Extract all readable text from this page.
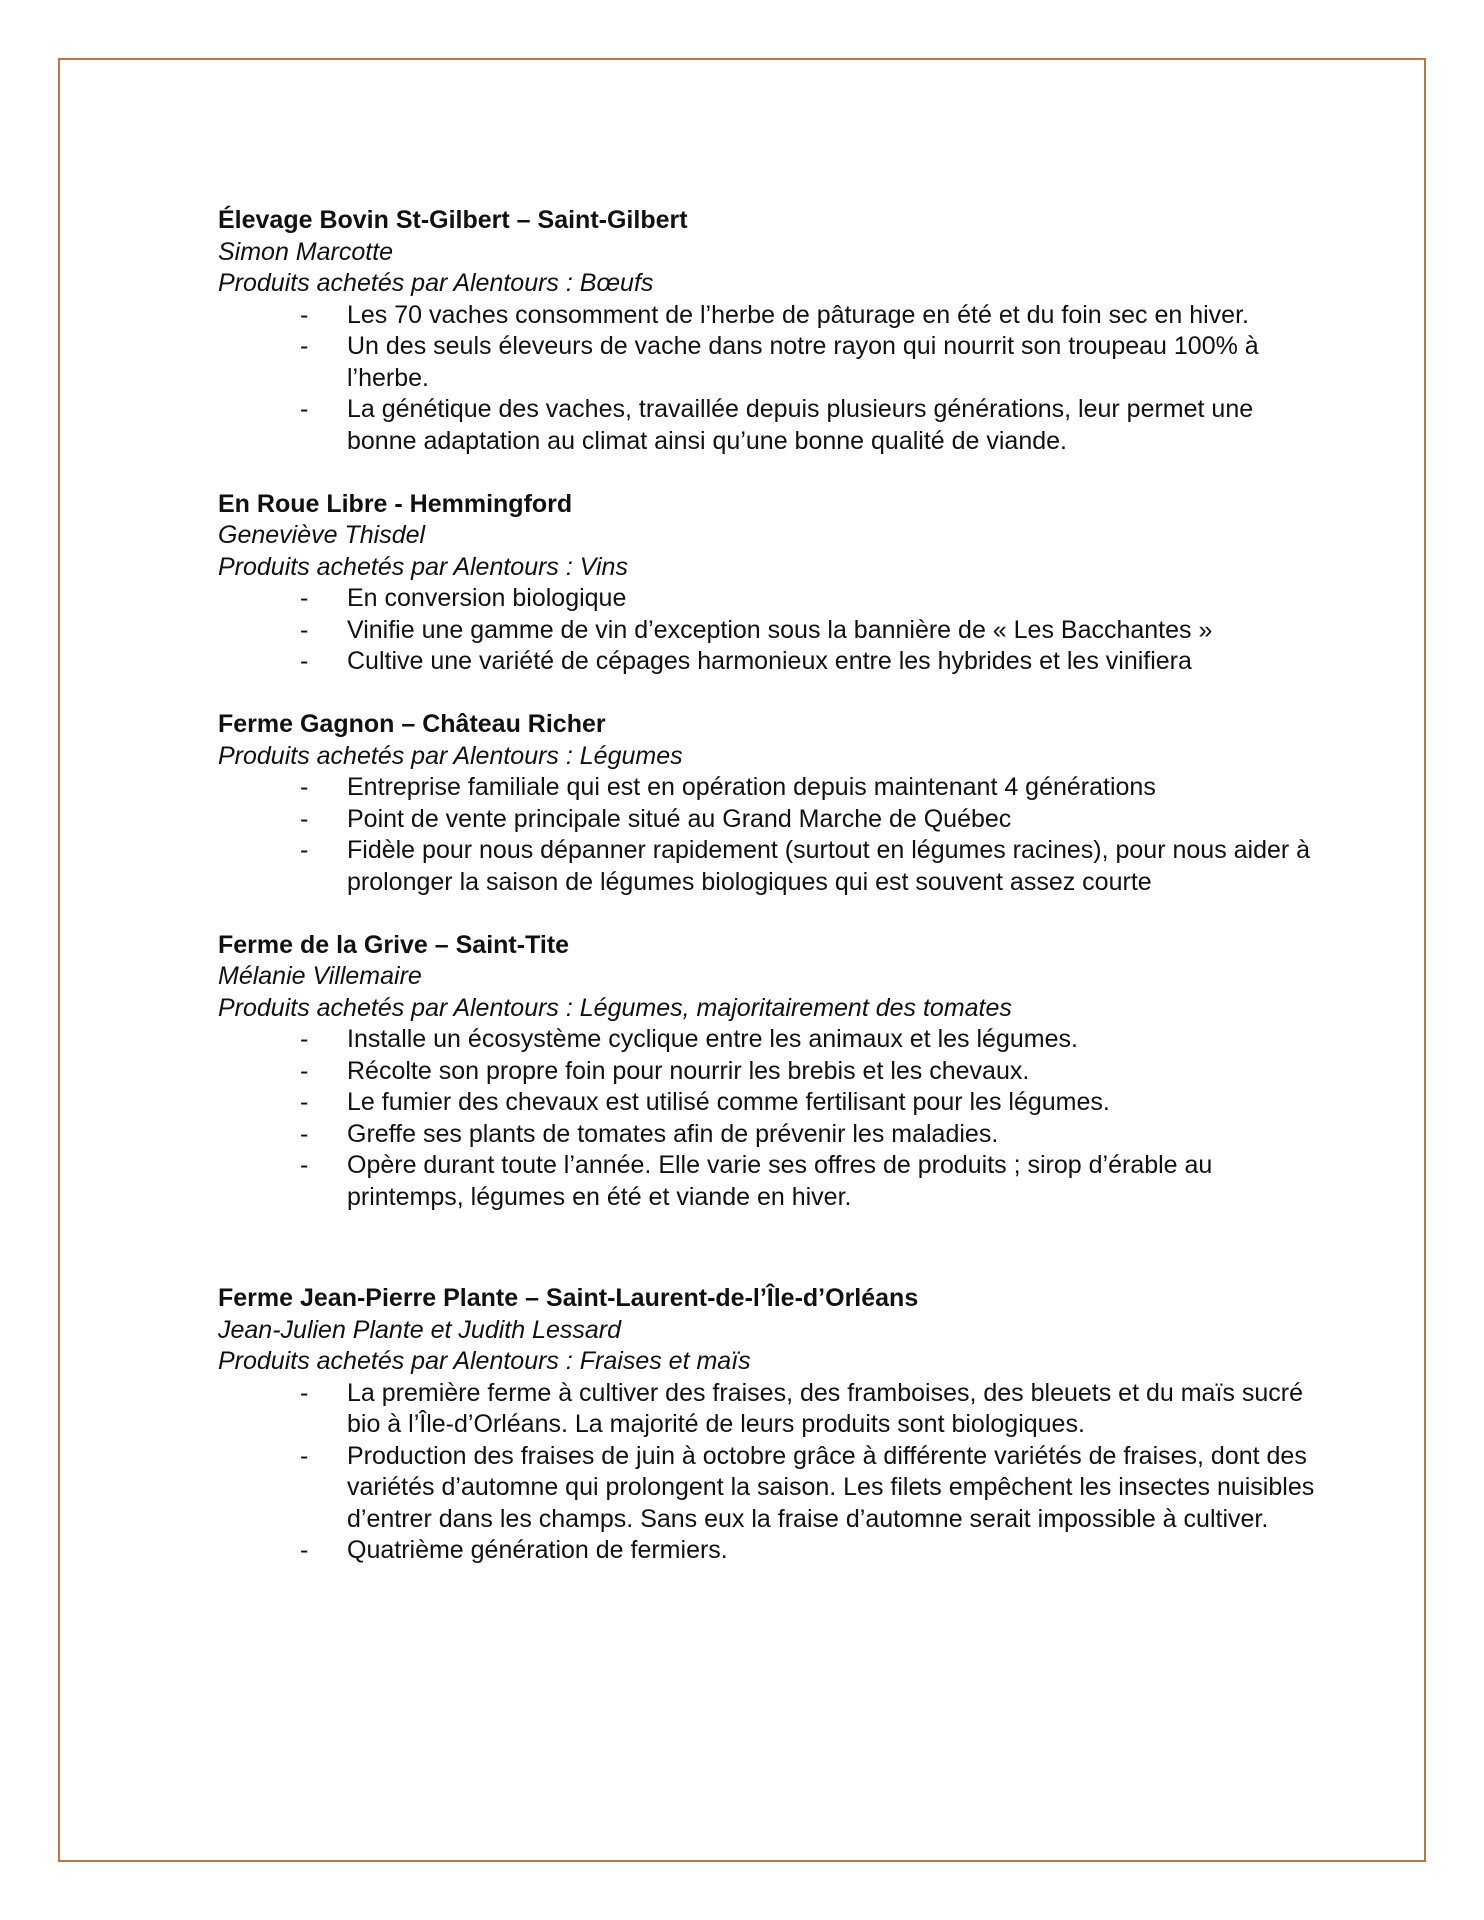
Élevage Bovin St-Gilbert – Saint-Gilbert

Simon Marcotte

Produits achetés par Alentours : Bœufs

- Les 70 vaches consomment de l’herbe de pâturage en été et du foin sec en hiver.
- Un des seuls éleveurs de vache dans notre rayon qui nourrit son troupeau 100% à l’herbe.
- La génétique des vaches, travaillée depuis plusieurs générations, leur permet une bonne adaptation au climat ainsi qu’une bonne qualité de viande.

En Roue Libre - Hemmingford

Geneviève Thisdel

Produits achetés par Alentours : Vins

- En conversion biologique
- Vinifie une gamme de vin d’exception sous la bannière de « Les Bacchantes »
- Cultive une variété de cépages harmonieux entre les hybrides et les vinifiera

Ferme Gagnon – Château Richer

Produits achetés par Alentours : Légumes

- Entreprise familiale qui est en opération depuis maintenant 4 générations
- Point de vente principale situé au Grand Marche de Québec
- Fidèle pour nous dépanner rapidement (surtout en légumes racines), pour nous aider à prolonger la saison de légumes biologiques qui est souvent assez courte

Ferme de la Grive – Saint-Tite

Mélanie Villemaire

Produits achetés par Alentours : Légumes, majoritairement des tomates

- Installe un écosystème cyclique entre les animaux et les légumes.
- Récolte son propre foin pour nourrir les brebis et les chevaux.
- Le fumier des chevaux est utilisé comme fertilisant pour les légumes.
- Greffe ses plants de tomates afin de prévenir les maladies.
- Opère durant toute l’année. Elle varie ses offres de produits ; sirop d’érable au printemps, légumes en été et viande en hiver.

Ferme Jean-Pierre Plante – Saint-Laurent-de-l’Île-d’Orléans

Jean-Julien Plante et Judith Lessard

Produits achetés par Alentours : Fraises et maïs

- La première ferme à cultiver des fraises, des framboises, des bleuets et du maïs sucré bio à l’Île-d’Orléans. La majorité de leurs produits sont biologiques.
- Production des fraises de juin à octobre grâce à différente variétés de fraises, dont des variétés d’automne qui prolongent la saison. Les filets empêchent les insectes nuisibles d’entrer dans les champs. Sans eux la fraise d’automne serait impossible à cultiver.
- Quatrième génération de fermiers.
